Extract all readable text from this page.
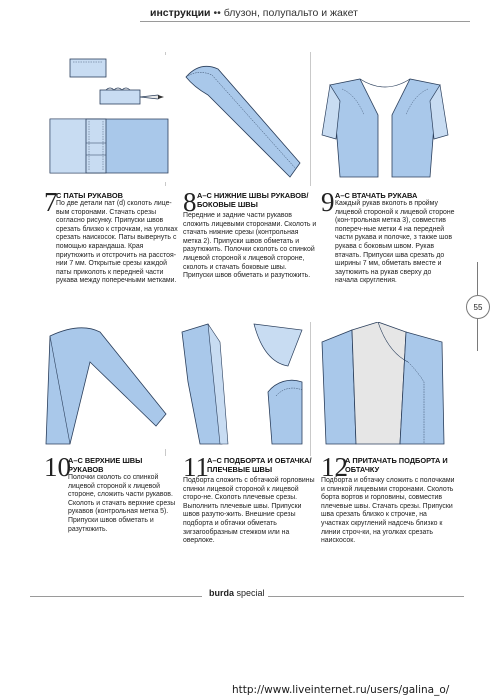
инструкции •• блузон, полупальто и жакет
7
С ПАТЫ РУКАВОВ
По две детали пат (d) сколоть лице-вым сторонами. Стачать срезы согласно рисунку. Припуски швов срезать близко к строчкам, на уголках срезать наискосок. Паты вывернуть с помощью карандаша. Края приутюжить и отстрочить на расстоя-нии 7 мм. Открытые срезы каждой паты приколоть к передней части рукава между поперечными метками.
8 А–С НИЖНИЕ ШВЫ РУКАВОВ/ БОКОВЫЕ ШВЫ
Передние и задние части рукавов сложить лицевыми сторонами. Сколоть и стачать нижние срезы (контрольная метка 2). Припуски швов обметать и разутюжить. Полочки сколоть со спинкой лицевой стороной к лицевой стороне, сколоть и стачать боковые швы. Припуски швов обметать и разутюжить.
9 А–С ВТАЧАТЬ РУКАВА
Каждый рукав вколоть в пройму лицевой стороной к лицевой стороне (кон-трольная метка 3), совместив попереч-ные метки 4 на передней части рукава и полочке, з также шов рукава с боковым швом. Рукав втачать. Припуски шва срезать до ширины 7 мм, обметать вместе и заутюжить на рукав сверху до начала скругления.
55
10
А–С ВЕРХНИЕ ШВЫ РУКАВОВ
Полочки сколоть со спинкой лицевой стороной к лицевой стороне, сложить части рукавов. Сколоть и стачать верхние срезы рукавов (контрольная метка 5). Припуски швов обметать и разутюжить.
11
А–С ПОДБОРТА И ОБТАЧКА/ ПЛЕЧЕВЫЕ ШВЫ
Подборта сложить с обтачкой горловины спинки лицевой стороной к лицевой сторо-не. Сколоть плечевые срезы. Выполнить плечевые швы. Припуски швов разутю-жить. Внешние срезы подборта и обтачки обметать зигзагообразным стежком или на оверлоке.
12
А ПРИТАЧАТЬ ПОДБОРТА И ОБТАЧКУ
Подборта и обтачку сложить с полочками и спинкой лицевыми сторонами. Сколоть борта вортов и горловины, совместив плечевые швы. Стачать срезы. Припуски шва срезать близко к строчке, на участках скруглений надсечь близко к линии строч-ки, на уголках срезать наискосок.
burda special
http://www.liveinternet.ru/users/galina_o/
